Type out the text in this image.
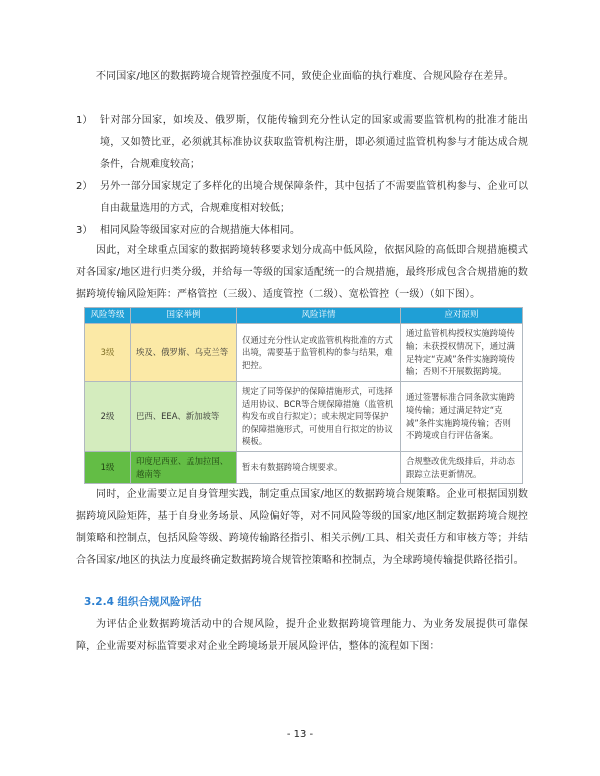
不同国家/地区的数据跨境合规管控强度不同，致使企业面临的执行难度、合规风险存在差异。

1） 针对部分国家，如埃及、俄罗斯，仅能传输到充分性认定的国家或需要监管机构的批准才能出境，又如赞比亚，必须就其标准协议获取监管机构注册，即必须通过监管机构参与才能达成合规条件，合规难度较高；
2） 另外一部分国家规定了多样化的出境合规保障条件，其中包括了不需要监管机构参与、企业可以自由裁量选用的方式，合规难度相对较低；
3） 相同风险等级国家对应的合规措施大体相同。

因此，对全球重点国家的数据跨境转移要求划分成高中低风险，依据风险的高低即合规措施模式对各国家/地区进行归类分级，并给每一等级的国家适配统一的合规措施，最终形成包含合规措施的数据跨境传输风险矩阵：严格管控（三级）、适度管控（二级）、宽松管控（一级）（如下图）。

风险等级	国家举例	风险详情	应对原则
3级	埃及、俄罗斯、乌克兰等	仅通过充分性认定或监管机构批准的方式出境，需要基于监管机构的参与结果，难把控。	通过监管机构授权实施跨境传输；未获授权情况下，通过满足特定“克减”条件实施跨境传输；否则不开展数据跨境。
2级	巴西、EEA、新加坡等	规定了同等保护的保障措施形式，可选择适用协议、BCR等合规保障措施（监管机构发布或自行拟定）；或未规定同等保护的保障措施形式，可使用自行拟定的协议模板。	通过签署标准合同条款实施跨境传输；通过满足特定“克减”条件实施跨境传输；否则不跨境或自行评估备案。
1级	印度尼西亚、孟加拉国、越南等	暂未有数据跨境合规要求。	合规整改优先级排后，并动态跟踪立法更新情况。

同时，企业需要立足自身管理实践，制定重点国家/地区的数据跨境合规策略。企业可根据国别数据跨境风险矩阵，基于自身业务场景、风险偏好等，对不同风险等级的国家/地区制定数据跨境合规控制策略和控制点，包括风险等级、跨境传输路径指引、相关示例/工具、相关责任方和审核方等；并结合各国家/地区的执法力度最终确定数据跨境合规管控策略和控制点，为全球跨境传输提供路径指引。

3.2.4 组织合规风险评估

为评估企业数据跨境活动中的合规风险，提升企业数据跨境管理能力、为业务发展提供可靠保障，企业需要对标监管要求对企业全跨境场景开展风险评估，整体的流程如下图：

- 13 -
